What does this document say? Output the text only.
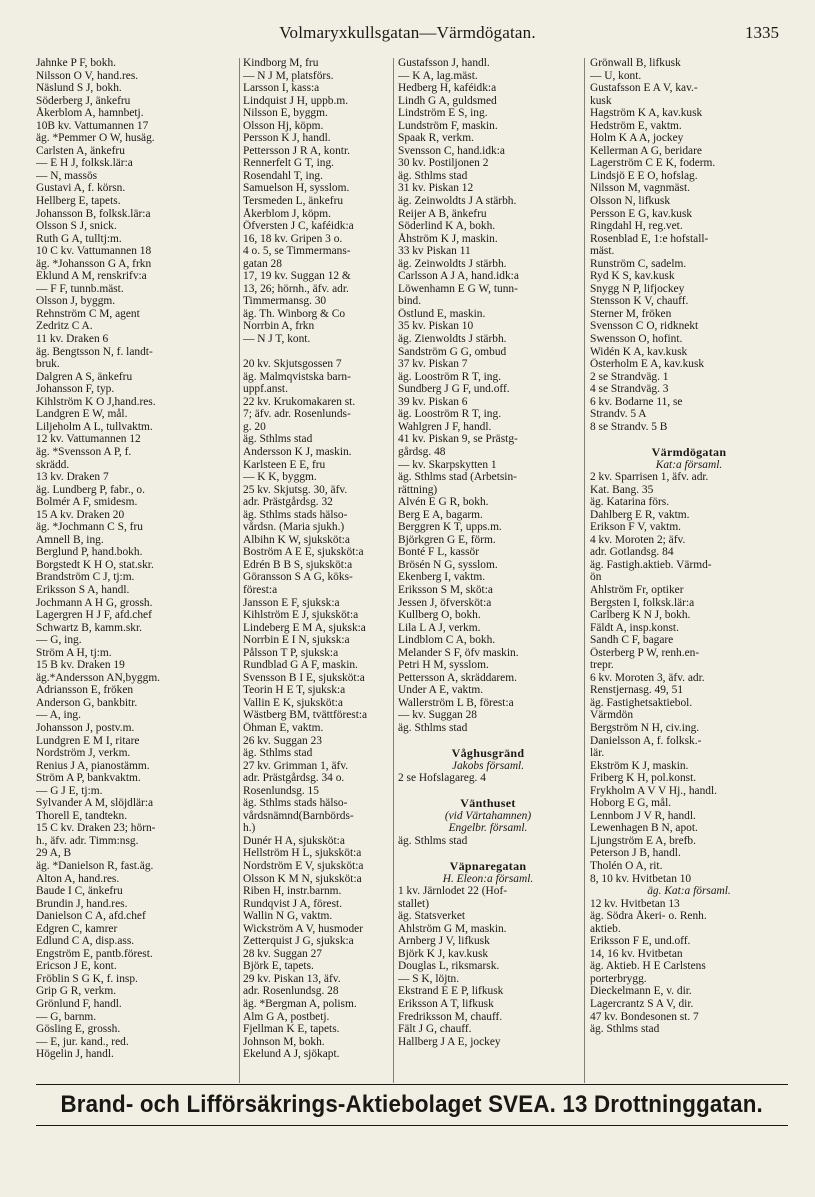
Volmaryxkullsgatan—Värmdögatan.	1335
Jahnke P F, bokh.
Nilsson O V, hand.res.
Näslund S J, bokh.
Söderberg J, änkefru
Åkerblom A, hamnbetj.
10B kv. Vattumannen 17
äg. *Pemmer O W, husäg.
Carlsten A, änkefru
— E H J, folksk.lär:a
— N, massös
Gustavi A, f. körsn.
Hellberg E, tapets.
Johansson B, folksk.lär:a
Olsson S J, snick.
Ruth G A, tulltj:m.
10 C kv. Vattumannen 18
äg. *Johansson G A, frkn
Eklund A M, renskrifv:a
— F F, tunnb.mäst.
Olsson J, byggm.
Rehnström C M, agent
Zedritz C A.
11 kv. Draken 6
äg. Bengtsson N, f. landt-
bruk.
Dalgren A S, änkefru
Johansson F, typ.
Kihlström K O J,hand.res.
Landgren E W, mål.
Liljeholm A L, tullvaktm.
12 kv. Vattumannen 12
äg. *Svensson A P, f.
skrädd.
13 kv. Draken 7
äg. Lundberg P, fabr., o.
Bolmér A F, smidesm.
15 A kv. Draken 20
äg. *Jochmann C S, fru
Amnell B, ing.
Berglund P, hand.bokh.
Borgstedt K H O, stat.skr.
Brandström C J, tj:m.
Eriksson S A, handl.
Jochmann A H G, grossh.
Lagergren H J F, afd.chef
Schwartz B, kamm.skr.
— G, ing.
Ström A H, tj:m.
15 B kv. Draken 19
äg.*Andersson AN,byggm.
Adriansson E, fröken
Anderson G, bankbitr.
— A, ing.
Johansson J, postv.m.
Lundgren E M I, ritare
Nordström J, verkm.
Renius J A, pianostämm.
Ström A P, bankvaktm.
— G J E, tj:m.
Sylvander A M, slöjdlär:a
Thorell E, tandtekn.
15 C kv. Draken 23; hörn-
h., äfv. adr. Timm:nsg.
29 A, B
äg. *Danielson R, fast.äg.
Alton A, hand.res.
Baude I C, änkefru
Brundin J, hand.res.
Danielson C A, afd.chef
Edgren C, kamrer
Edlund C A, disp.ass.
Engström E, pantb.förest.
Ericson J E, kont.
Fröblin S G K, f. insp.
Grip G R, verkm.
Grönlund F, handl.
— G, barnm.
Gösling E, grossh.
— E, jur. kand., red.
Högelin J, handl.
Kindborg M, fru
— N J M, platsförs.
Larsson I, kass:a
Lindquist J H, uppb.m.
Nilsson E, byggm.
Olsson Hj, köpm.
Persson K J, handl.
Pettersson J R A, kontr.
Rennerfelt G T, ing.
Rosendahl T, ing.
Samuelson H, sysslom.
Tersmeden L, änkefru
Åkerblom J, köpm.
Öfversten J C, kaféidk:a
16, 18 kv. Gripen 3 o.
4 o. 5, se Timmermans-
gatan 28
17, 19 kv. Suggan 12 &
13, 26; hörnh., äfv. adr.
Timmermansg. 30
äg. Th. Winborg & Co
Norrbin A, frkn
— N J T, kont.
20 kv. Skjutsgossen 7
äg. Malmqvistska barn-
uppf.anst.
22 kv. Krukomakaren st.
7; äfv. adr. Rosenlunds-
g. 20
äg. Sthlms stad
Andersson K J, maskin.
Karlsteen E E, fru
— K K, byggm.
25 kv. Skjutsg. 30, äfv.
adr. Prästgårdsg. 32
äg. Sthlms stads hälso-
vårdsn. (Maria sjukh.)
Albihn K W, sjuksköt:a
Boström A E E, sjuksköt:a
Edrén B B S, sjuksköt:a
Göransson S A G, köks-
förest:a
Jansson E F, sjuksk:a
Kihlström E J, sjuksköt:a
Lindeberg E M A, sjuksk:a
Norrbin E I N, sjuksk:a
Pålsson T P, sjuksk:a
Rundblad G A F, maskin.
Svensson B I E, sjuksköt:a
Teorin H E T, sjuksk:a
Vallin E K, sjuksköt:a
Wästberg BM, tvättförest:a
Öhman E, vaktm.
26 kv. Suggan 23
äg. Sthlms stad
27 kv. Grimman 1, äfv.
adr. Prästgårdsg. 34 o.
Rosenlundsg. 15
äg. Sthlms stads hälso-
vårdsnämnd(Barnbörds-
h.)
Dunér H A, sjuksköt:a
Hellström H L, sjuksköt:a
Nordström E V, sjuksköt:a
Olsson K M N, sjuksköt:a
Riben H, instr.barnm.
Rundqvist J A, förest.
Wallin N G, vaktm.
Wickström A V, husmoder
Zetterquist J G, sjuksk:a
28 kv. Suggan 27
Björk E, tapets.
29 kv. Piskan 13, äfv.
adr. Rosenlundsg. 28
äg. *Bergman A, polism.
Alm G A, postbetj.
Fjellman K E, tapets.
Johnson M, bokh.
Ekelund A J, sjökapt.
Gustafsson J, handl.
— K A, lag.mäst.
Hedberg H, kaféidk:a
Lindh G A, guldsmed
Lindström E S, ing.
Lundström F, maskin.
Spaak R, verkm.
Svensson C, hand.idk:a
30 kv. Postiljonen 2
äg. Sthlms stad
31 kv. Piskan 12
äg. Zeinwoldts J A stärbh.
Reijer A B, änkefru
Söderlind K A, bokh.
Åhström K J, maskin.
33 kv Piskan 11
äg. Zeinwoldts J stärbh.
Carlsson A J A, hand.idk:a
Löwenhamn E G W, tunn-
bind.
Östlund E, maskin.
35 kv. Piskan 10
äg. Zienwoldts J stärbh.
Sandström G G, ombud
37 kv. Piskan 7
äg. Looström R T, ing.
Sundberg J G F, und.off.
39 kv. Piskan 6
äg. Looström R T, ing.
Wahlgren J F, handl.
41 kv. Piskan 9, se Prästg-
gårdsg. 48
— kv. Skarpskytten 1
äg. Sthlms stad (Arbetsin-
rättning)
Alvén E G R, bokh.
Berg E A, bagarm.
Berggren K T, upps.m.
Björkgren G E, förm.
Bonté F L, kassör
Brösén N G, sysslom.
Ekenberg I, vaktm.
Eriksson S M, sköt:a
Jessen J, öfversköt:a
Kullberg O, bokh.
Lila L A J, verkm.
Lindblom C A, bokh.
Melander S F, öfv maskin.
Petri H M, sysslom.
Pettersson A, skräddarem.
Under A E, vaktm.
Wallerström L B, förest:a
— kv. Suggan 28
äg. Sthlms stad
Våghusgränd
Jakobs församl.
2 se Hofslagareg. 4
Vänthuset
(vid Värtahamnen)
Engelbr. församl.
äg. Sthlms stad
Väpnaregatan
H. Eleon:a församl.
1 kv. Järnlodet 22 (Hof-
stallet)
äg. Statsverket
Ahlström G M, maskin.
Arnberg J V, lifkusk
Björk K J, kav.kusk
Douglas L, riksmarsk.
— S K, löjtn.
Ekstrand E E P, lifkusk
Eriksson A T, lifkusk
Fredriksson M, chauff.
Fält J G, chauff.
Hallberg J A E, jockey
Grönwall B, lifkusk
— U, kont.
Gustafsson E A V, kav.-
kusk
Hagström K A, kav.kusk
Hedström E, vaktm.
Holm K A A, jockey
Kellerman A G, beridare
Lagerström C E K, foderm.
Lindsjö E E O, hofslag.
Nilsson M, vagnmäst.
Olsson N, lifkusk
Persson E G, kav.kusk
Ringdahl H, reg.vet.
Rosenblad E, 1:e hofstall-
mäst.
Runström C, sadelm.
Ryd K S, kav.kusk
Snygg N P, lifjockey
Stensson K V, chauff.
Sterner M, fröken
Svensson C O, ridknekt
Swensson O, hofint.
Widén K A, kav.kusk
Österholm E A, kav.kusk
2 se Strandväg. 1
4 se Strandväg. 3
6 kv. Bodarne 11, se
Strandv. 5 A
8 se Strandv. 5 B
Värmdögatan
Kat:a församl.
2 kv. Sparrisen 1, äfv. adr.
Kat. Bang. 35
äg. Katarina förs.
Dahlberg E R, vaktm.
Erikson F V, vaktm.
4 kv. Moroten 2; äfv.
adr. Gotlandsg. 84
äg. Fastigh.aktieb. Värmd-
ön
Ahlström Fr, optiker
Bergsten I, folksk.lär:a
Carlberg K N J, bokh.
Fäldt A, insp.konst.
Sandh C F, bagare
Österberg P W, renh.en-
trepr.
6 kv. Moroten 3, äfv. adr.
Renstjernasg. 49, 51
äg. Fastighetsaktiebol.
Värmdön
Bergström N H, civ.ing.
Danielsson A, f. folksk.-
lär.
Ekström K J, maskin.
Friberg K H, pol.konst.
Frykholm A V V Hj., handl.
Hoborg E G, mål.
Lennbom J V R, handl.
Lewenhagen B N, apot.
Ljungström E A, brefb.
Peterson J B, handl.
Tholén O A, rit.
8, 10 kv. Hvitbetan 10
äg. Kat:a församl.
12 kv. Hvitbetan 13
äg. Södra Åkeri- o. Renh.
aktieb.
Eriksson F E, und.off.
14, 16 kv. Hvitbetan
äg. Aktieb. H E Carlstens
porterbrygg.
Dieckelmann E, v. dir.
Lagercrantz S A V, dir.
47 kv. Bondesonen st. 7
äg. Sthlms stad
Brand- och Lifförsäkrings-Aktiebolaget SVEA. 13 Drottninggatan.
